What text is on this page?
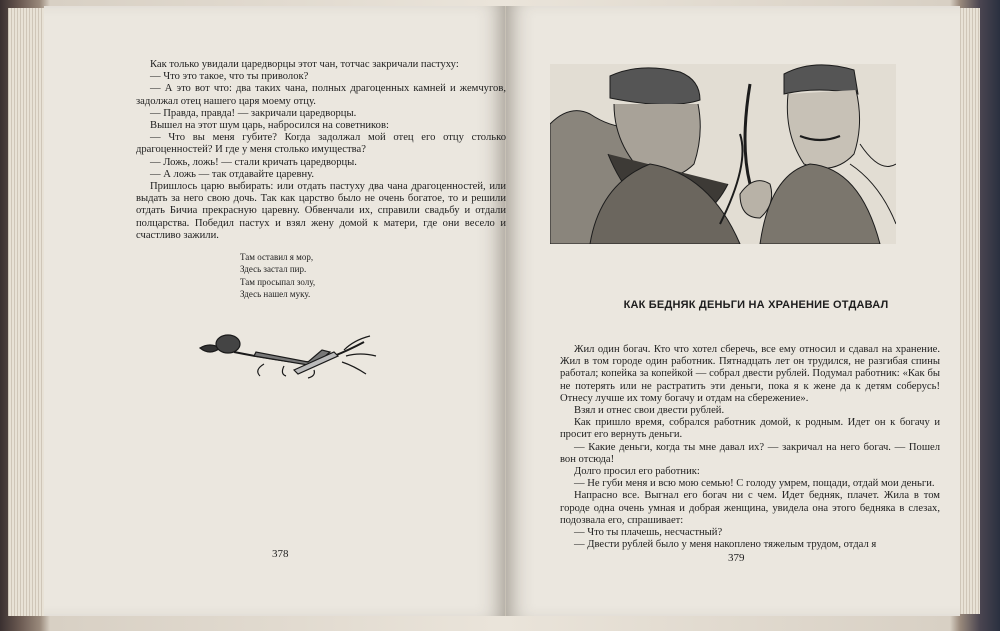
Как только увидали царедворцы этот чан, тотчас закричали пастуху:

— Что это такое, что ты приволок?

— А это вот что: два таких чана, полных драгоценных камней и жемчугов, задолжал отец нашего царя моему отцу.

— Правда, правда! — закричали царедворцы.

Вышел на этот шум царь, набросился на советников:

— Что вы меня губите? Когда задолжал мой отец его отцу столько драгоценностей? И где у меня столько имущества?

— Ложь, ложь! — стали кричать царедворцы.

— А ложь — так отдавайте царевну.

Пришлось царю выбирать: или отдать пастуху два чана драгоценностей, или выдать за него свою дочь. Так как царство было не очень богатое, то и решили отдать Бичиа прекрасную царевну. Обвенчали их, справили свадьбу и отдали полцарства. Победил пастух и взял жену домой к матери, где они весело и счастливо зажили.

Там оставил я мор,
Здесь застал пир.
Там просыпал золу,
Здесь нашел муку.
378
КАК БЕДНЯК ДЕНЬГИ НА ХРАНЕНИЕ ОТДАВАЛ

Жил один богач. Кто что хотел сберечь, все ему относил и сдавал на хранение. Жил в том городе один работник. Пятнадцать лет он трудился, не разгибая спины работал; копейка за копейкой — собрал двести рублей. Подумал работник: «Как бы не потерять или не растратить эти деньги, пока я к жене да к детям соберусь! Отнесу лучше их тому богачу и отдам на сбережение».

Взял и отнес свои двести рублей.

Как пришло время, собрался работник домой, к родным. Идет он к богачу и просит его вернуть деньги.

— Какие деньги, когда ты мне давал их? — закричал на него богач. — Пошел вон отсюда!

Долго просил его работник:

— Не губи меня и всю мою семью! С голоду умрем, пощади, отдай мои деньги.

Напрасно все. Выгнал его богач ни с чем. Идет бедняк, плачет. Жила в том городе одна очень умная и добрая женщина, увидела она этого бедняка в слезах, подозвала его, спрашивает:

— Что ты плачешь, несчастный?

— Двести рублей было у меня накоплено тяжелым трудом, отдал я

379
